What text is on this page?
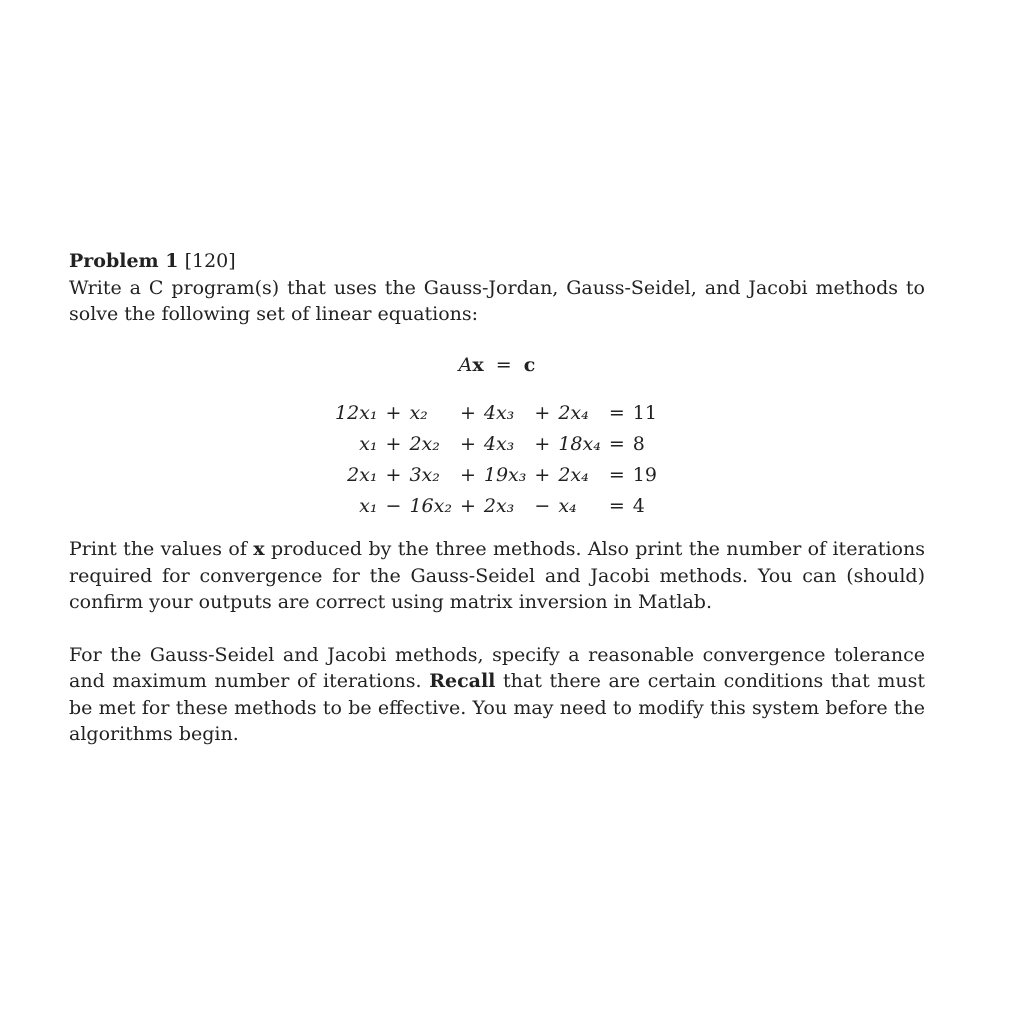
Problem 1 [120]

Write a C program(s) that uses the Gauss-Jordan, Gauss-Seidel, and Jacobi methods to solve the following set of linear equations:

Ax = c
12x₁	+	x₂	+	4x₃	+	2x₄	=	11
x₁	+	2x₂	+	4x₃	+	18x₄	=	8
2x₁	+	3x₂	+	19x₃	+	2x₄	=	19
x₁	−	16x₂	+	2x₃	−	x₄	=	4

Print the values of x produced by the three methods. Also print the number of iterations required for convergence for the Gauss-Seidel and Jacobi methods. You can (should) confirm your outputs are correct using matrix inversion in Matlab.

For the Gauss-Seidel and Jacobi methods, specify a reasonable convergence tolerance and maximum number of iterations. Recall that there are certain conditions that must be met for these methods to be effective. You may need to modify this system before the algorithms begin.
